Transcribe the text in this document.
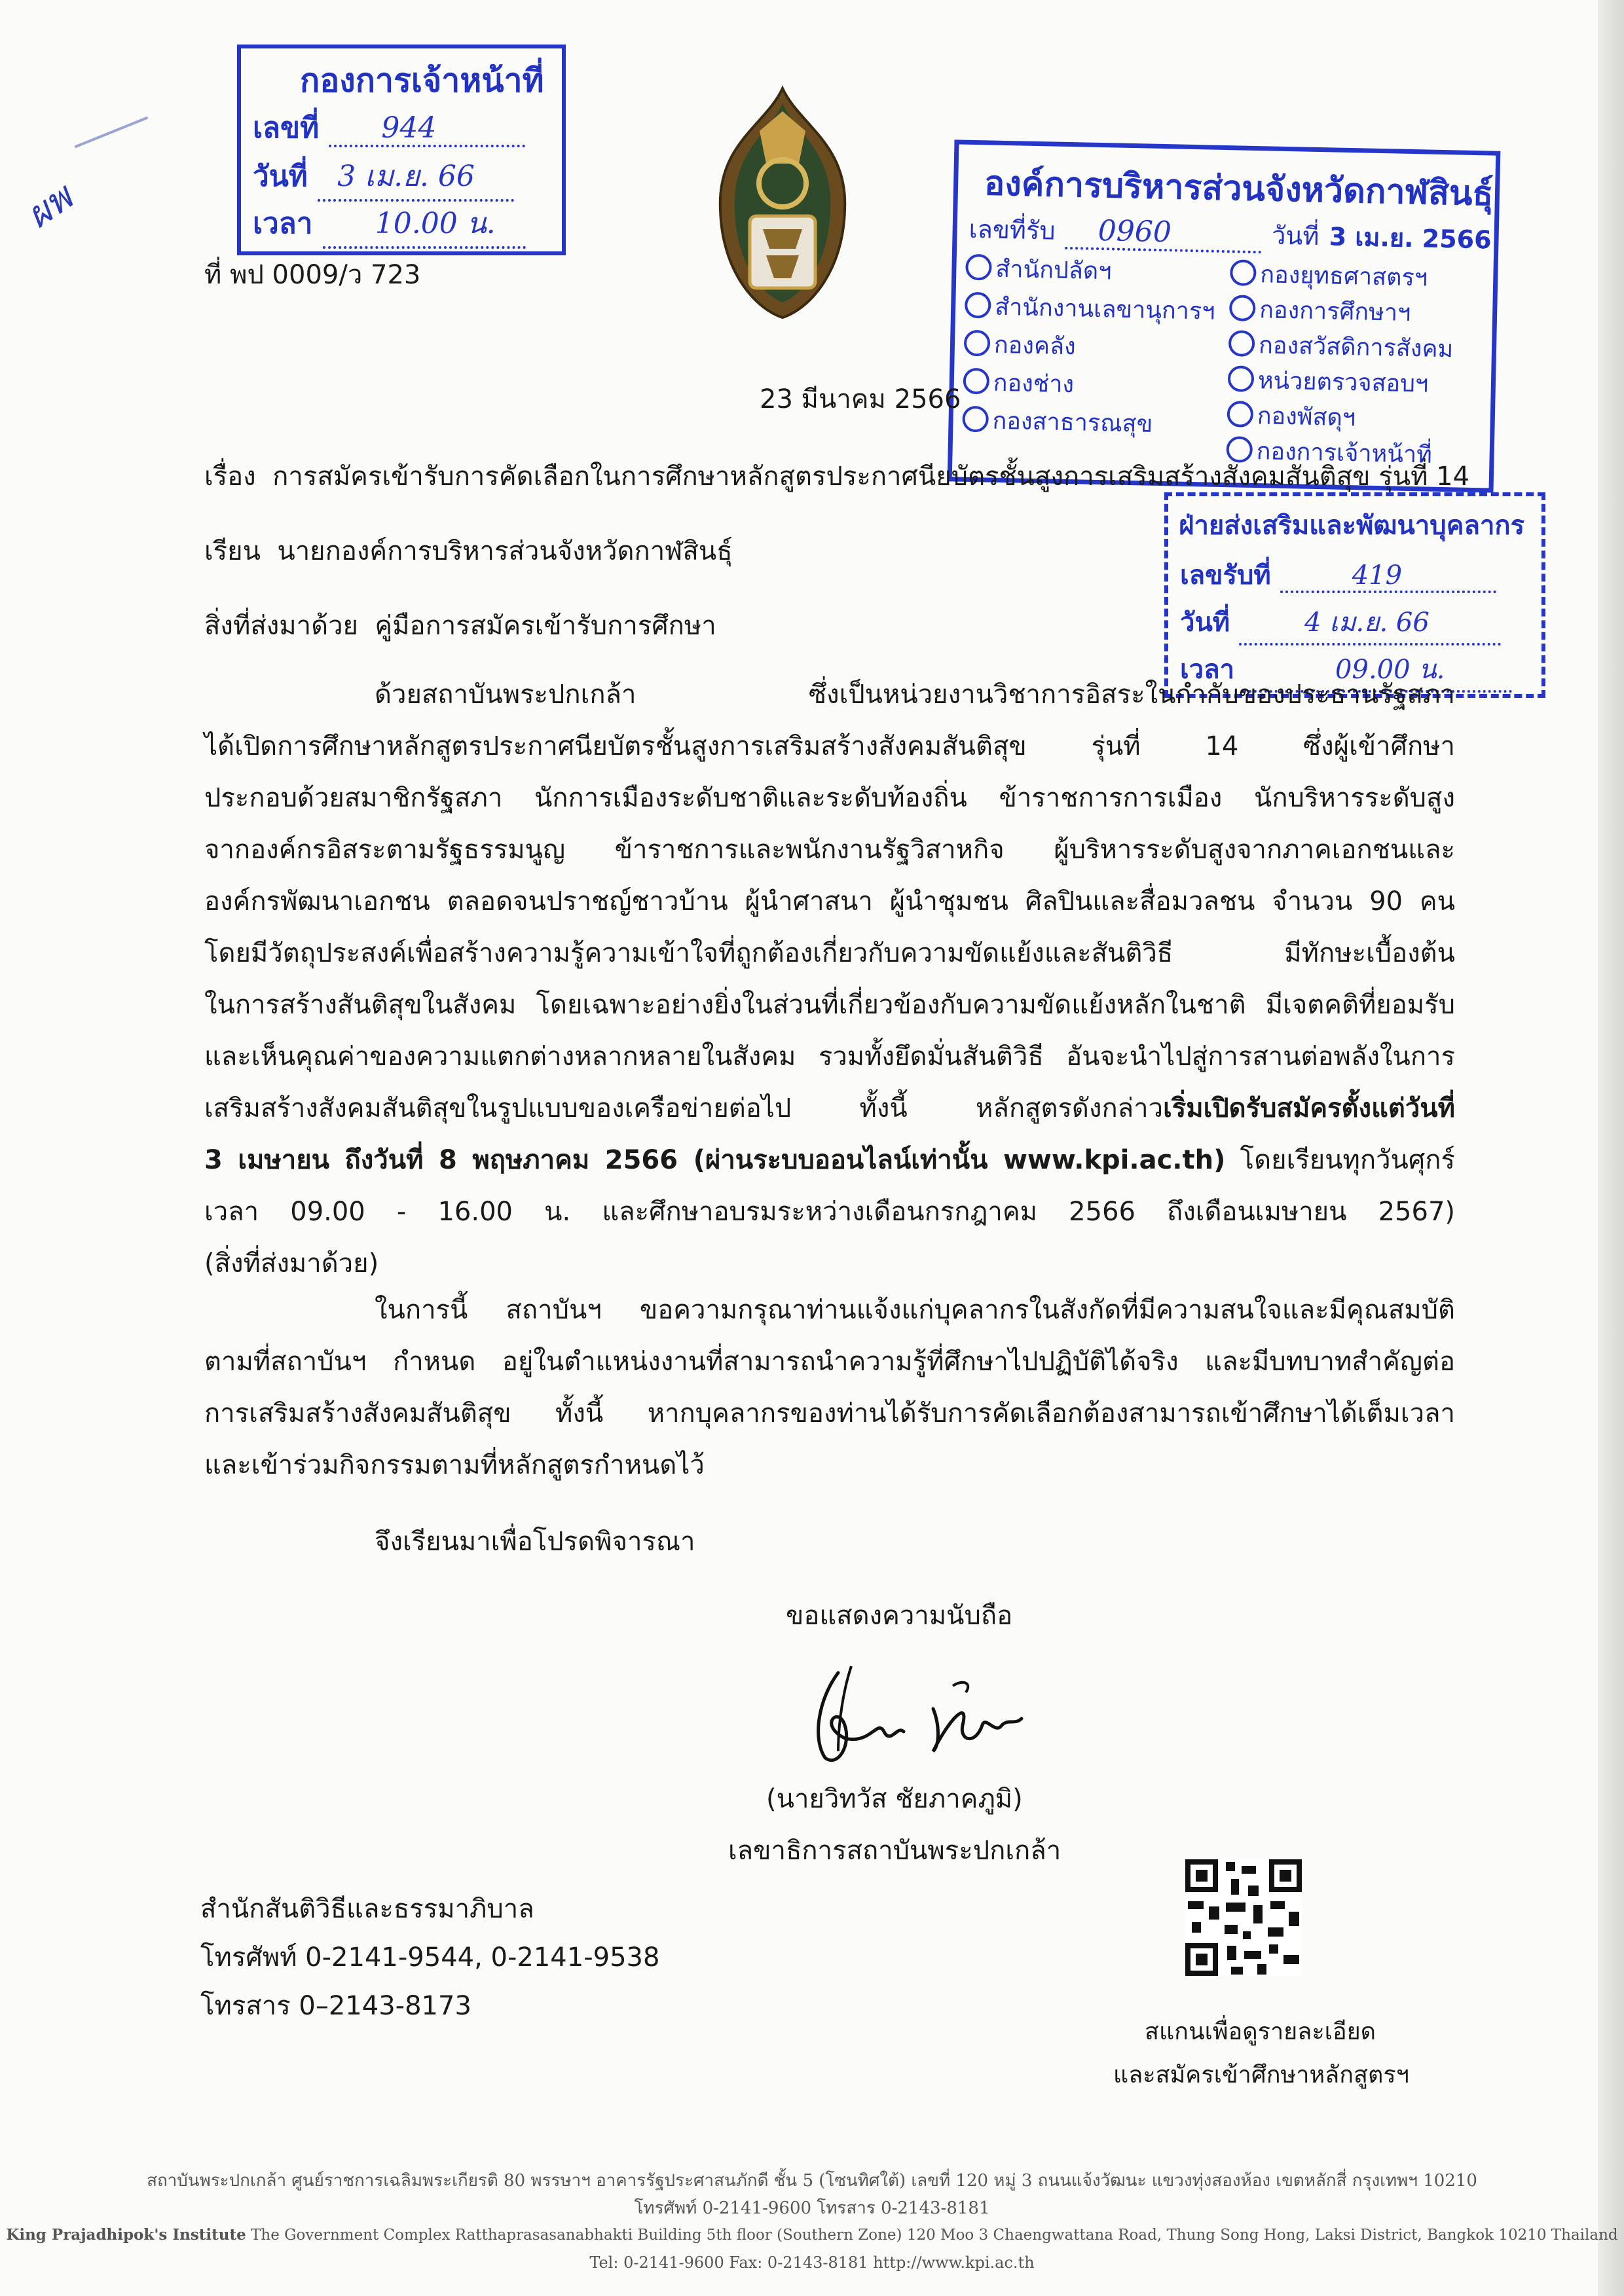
กองการเจ้าหน้าที่
เลขที่ 944
วันที่ 3 เม.ย. 66
เวลา 10.00 น.
ผพ
ที่ พป 0009/ว 723
องค์การบริหารส่วนจังหวัดกาฬสินธุ์
เลขที่รับ 0960	วันที่ 3 เม.ย. 2566
สำนักปลัดฯ
สำนักงานเลขานุการฯ
กองคลัง
กองช่าง
กองสาธารณสุข
กองยุทธศาสตรฯ
กองการศึกษาฯ
กองสวัสดิการสังคม
หน่วยตรวจสอบฯ
กองพัสดุฯ
กองการเจ้าหน้าที่
ฝ่ายส่งเสริมและพัฒนาบุคลากร
เลขรับที่	419
วันที่	4 เม.ย. 66
เวลา	09.00 น.
23 มีนาคม 2566
เรื่อง การสมัครเข้ารับการคัดเลือกในการศึกษาหลักสูตรประกาศนียบัตรชั้นสูงการเสริมสร้างสังคมสันติสุข รุ่นที่ 14
เรียน นายกองค์การบริหารส่วนจังหวัดกาฬสินธุ์
สิ่งที่ส่งมาด้วย คู่มือการสมัครเข้ารับการศึกษา
ด้วยสถาบันพระปกเกล้า ซึ่งเป็นหน่วยงานวิชาการอิสระในกำกับของประธานรัฐสภา
ได้เปิดการศึกษาหลักสูตรประกาศนียบัตรชั้นสูงการเสริมสร้างสังคมสันติสุข รุ่นที่ 14 ซึ่งผู้เข้าศึกษา
ประกอบด้วยสมาชิกรัฐสภา นักการเมืองระดับชาติและระดับท้องถิ่น ข้าราชการการเมือง นักบริหารระดับสูง
จากองค์กรอิสระตามรัฐธรรมนูญ ข้าราชการและพนักงานรัฐวิสาหกิจ ผู้บริหารระดับสูงจากภาคเอกชนและ
องค์กรพัฒนาเอกชน ตลอดจนปราชญ์ชาวบ้าน ผู้นำศาสนา ผู้นำชุมชน ศิลปินและสื่อมวลชน จำนวน 90 คน
โดยมีวัตถุประสงค์เพื่อสร้างความรู้ความเข้าใจที่ถูกต้องเกี่ยวกับความขัดแย้งและสันติวิธี มีทักษะเบื้องต้น
ในการสร้างสันติสุขในสังคม โดยเฉพาะอย่างยิ่งในส่วนที่เกี่ยวข้องกับความขัดแย้งหลักในชาติ มีเจตคติที่ยอมรับ
และเห็นคุณค่าของความแตกต่างหลากหลายในสังคม รวมทั้งยึดมั่นสันติวิธี อันจะนำไปสู่การสานต่อพลังในการ
เสริมสร้างสังคมสันติสุขในรูปแบบของเครือข่ายต่อไป ทั้งนี้ หลักสูตรดังกล่าวเริ่มเปิดรับสมัครตั้งแต่วันที่
3 เมษายน ถึงวันที่ 8 พฤษภาคม 2566 (ผ่านระบบออนไลน์เท่านั้น www.kpi.ac.th) โดยเรียนทุกวันศุกร์
เวลา 09.00 - 16.00 น. และศึกษาอบรมระหว่างเดือนกรกฎาคม 2566 ถึงเดือนเมษายน 2567)
(สิ่งที่ส่งมาด้วย)
ในการนี้ สถาบันฯ ขอความกรุณาท่านแจ้งแก่บุคลากรในสังกัดที่มีความสนใจและมีคุณสมบัติ
ตามที่สถาบันฯ กำหนด อยู่ในตำแหน่งงานที่สามารถนำความรู้ที่ศึกษาไปปฏิบัติได้จริง และมีบทบาทสำคัญต่อ
การเสริมสร้างสังคมสันติสุข ทั้งนี้ หากบุคลากรของท่านได้รับการคัดเลือกต้องสามารถเข้าศึกษาได้เต็มเวลา
และเข้าร่วมกิจกรรมตามที่หลักสูตรกำหนดไว้
จึงเรียนมาเพื่อโปรดพิจารณา
ขอแสดงความนับถือ
(นายวิทวัส ชัยภาคภูมิ)
เลขาธิการสถาบันพระปกเกล้า
สำนักสันติวิธีและธรรมาภิบาล
โทรศัพท์ 0-2141-9544, 0-2141-9538
โทรสาร 0–2143-8173
สแกนเพื่อดูรายละเอียด
และสมัครเข้าศึกษาหลักสูตรฯ
สถาบันพระปกเกล้า ศูนย์ราชการเฉลิมพระเกียรติ 80 พรรษาฯ อาคารรัฐประศาสนภักดี ชั้น 5 (โซนทิศใต้) เลขที่ 120 หมู่ 3 ถนนแจ้งวัฒนะ แขวงทุ่งสองห้อง เขตหลักสี่ กรุงเทพฯ 10210
โทรศัพท์ 0-2141-9600 โทรสาร 0-2143-8181
King Prajadhipok's Institute The Government Complex Ratthaprasasanabhakti Building 5th floor (Southern Zone) 120 Moo 3 Chaengwattana Road, Thung Song Hong, Laksi District, Bangkok 10210 Thailand
Tel: 0-2141-9600 Fax: 0-2143-8181 http://www.kpi.ac.th
